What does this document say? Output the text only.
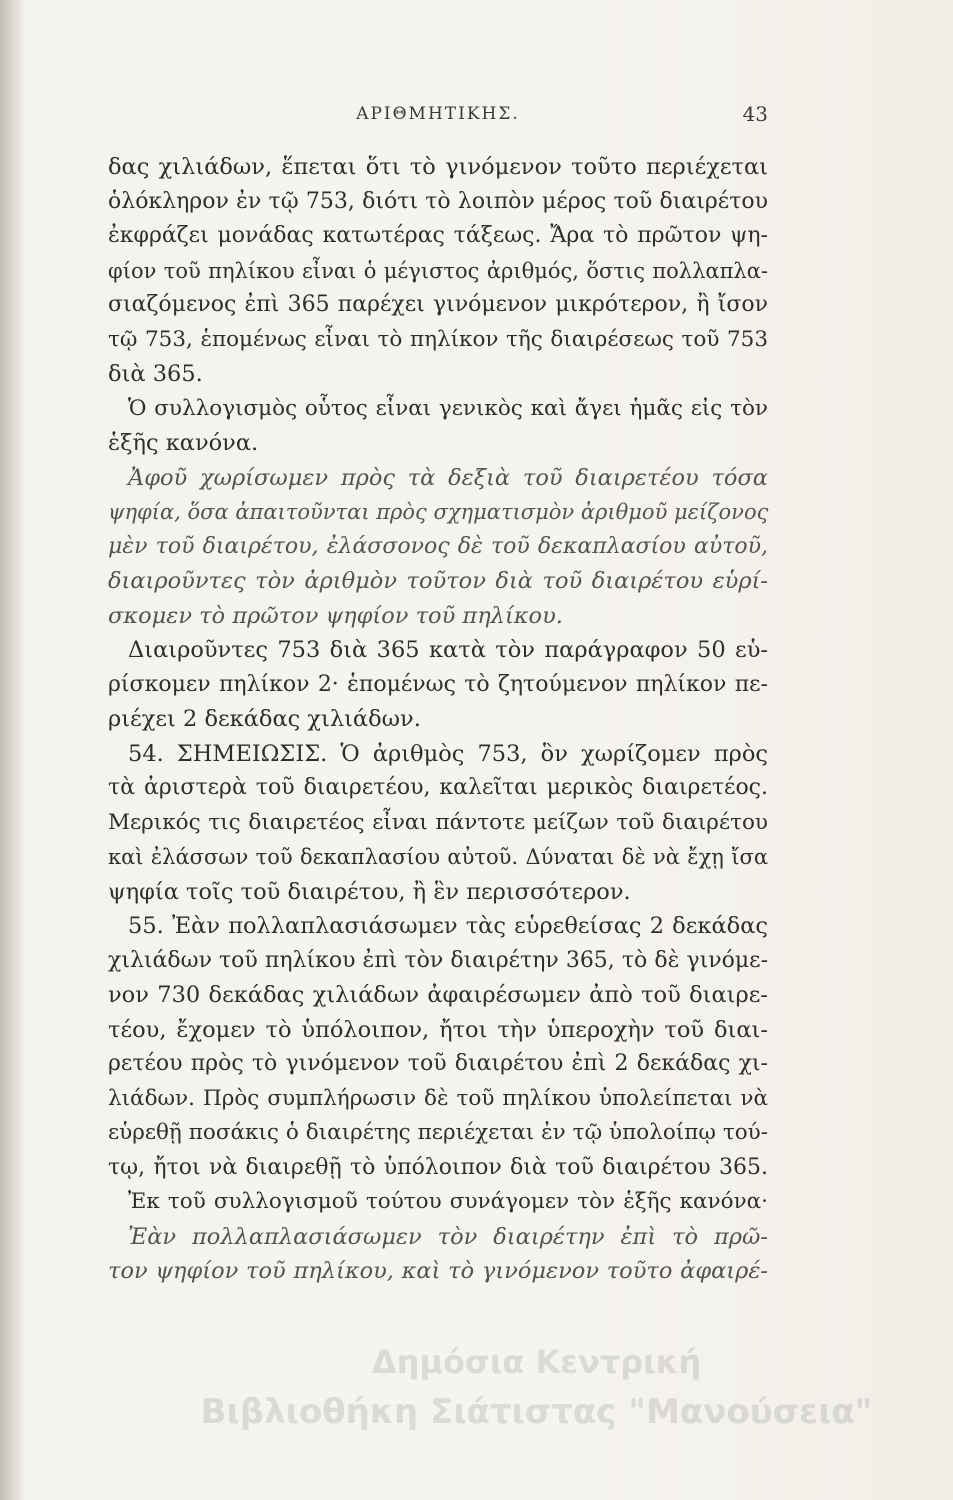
ΑΡΙΘΜΗΤΙΚΗΣ.	43
δας χιλιάδων, ἕπεται ὅτι τὸ γινόμενον τοῦτο περιέχεται
ὁλόκληρον ἐν τῷ 753, διότι τὸ λοιπὸν μέρος τοῦ διαιρέτου
ἐκφράζει μονάδας κατωτέρας τάξεως. Ἄρα τὸ πρῶτον ψη-
φίον τοῦ πηλίκου εἶναι ὁ μέγιστος ἀριθμός, ὅστις πολλαπλα-
σιαζόμενος ἐπὶ 365 παρέχει γινόμενον μικρότερον, ἢ ἴσον
τῷ 753, ἑπομένως εἶναι τὸ πηλίκον τῆς διαιρέσεως τοῦ 753
διὰ 365.
Ὁ συλλογισμὸς οὗτος εἶναι γενικὸς καὶ ἄγει ἡμᾶς εἰς τὸν
ἑξῆς κανόνα.
Ἀφοῦ χωρίσωμεν πρὸς τὰ δεξιὰ τοῦ διαιρετέου τόσα
ψηφία, ὅσα ἀπαιτοῦνται πρὸς σχηματισμὸν ἀριθμοῦ μείζονος
μὲν τοῦ διαιρέτου, ἐλάσσονος δὲ τοῦ δεκαπλασίου αὐτοῦ,
διαιροῦντες τὸν ἀριθμὸν τοῦτον διὰ τοῦ διαιρέτου εὑρί-
σκομεν τὸ πρῶτον ψηφίον τοῦ πηλίκου.
Διαιροῦντες 753 διὰ 365 κατὰ τὸν παράγραφον 50 εὑ-
ρίσκομεν πηλίκον 2· ἑπομένως τὸ ζητούμενον πηλίκον πε-
ριέχει 2 δεκάδας χιλιάδων.
54. ΣΗΜΕΙΩΣΙΣ. Ὁ ἀριθμὸς 753, ὃν χωρίζομεν πρὸς
τὰ ἀριστερὰ τοῦ διαιρετέου, καλεῖται μερικὸς διαιρετέος.
Μερικός τις διαιρετέος εἶναι πάντοτε μείζων τοῦ διαιρέτου
καὶ ἐλάσσων τοῦ δεκαπλασίου αὐτοῦ. Δύναται δὲ νὰ ἔχῃ ἴσα
ψηφία τοῖς τοῦ διαιρέτου, ἢ ἓν περισσότερον.
55. Ἐὰν πολλαπλασιάσωμεν τὰς εὑρεθείσας 2 δεκάδας
χιλιάδων τοῦ πηλίκου ἐπὶ τὸν διαιρέτην 365, τὸ δὲ γινόμε-
νον 730 δεκάδας χιλιάδων ἀφαιρέσωμεν ἀπὸ τοῦ διαιρε-
τέου, ἔχομεν τὸ ὑπόλοιπον, ἤτοι τὴν ὑπεροχὴν τοῦ διαι-
ρετέου πρὸς τὸ γινόμενον τοῦ διαιρέτου ἐπὶ 2 δεκάδας χι-
λιάδων. Πρὸς συμπλήρωσιν δὲ τοῦ πηλίκου ὑπολείπεται νὰ
εὑρεθῇ ποσάκις ὁ διαιρέτης περιέχεται ἐν τῷ ὑπολοίπῳ τού-
τῳ, ἤτοι νὰ διαιρεθῇ τὸ ὑπόλοιπον διὰ τοῦ διαιρέτου 365.
Ἐκ τοῦ συλλογισμοῦ τούτου συνάγομεν τὸν ἑξῆς κανόνα·
Ἐὰν πολλαπλασιάσωμεν τὸν διαιρέτην ἐπὶ τὸ πρῶ-
τον ψηφίον τοῦ πηλίκου, καὶ τὸ γινόμενον τοῦτο ἀφαιρέ-
Δημόσια Κεντρική
Βιβλιοθήκη Σιάτιστας "Μανούσεια"
